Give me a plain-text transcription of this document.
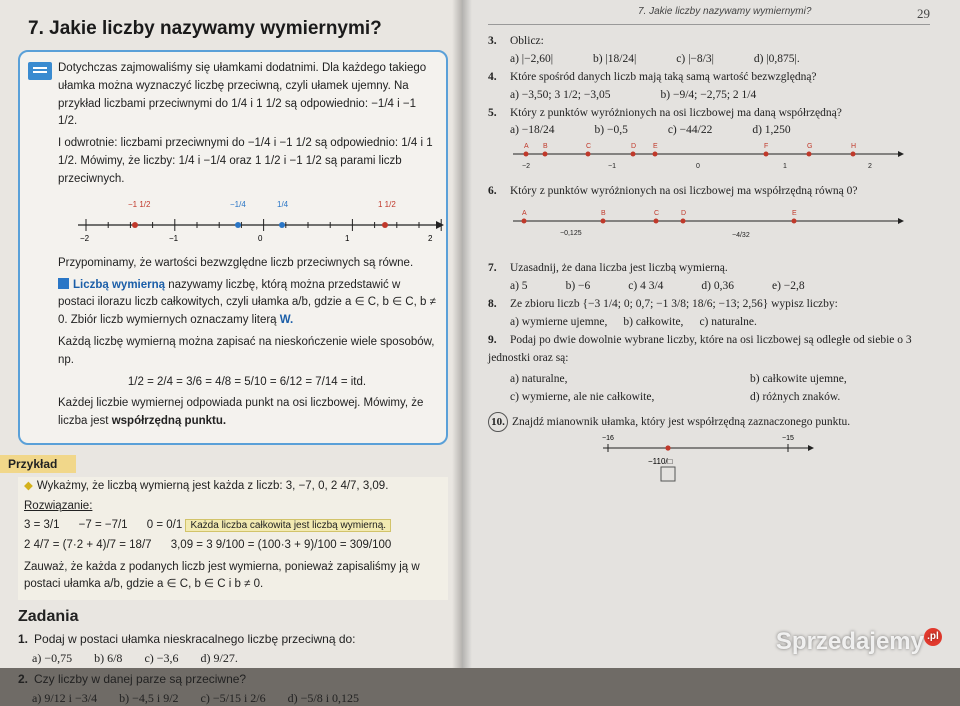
7. Jakie liczby nazywamy wymiernymi?

Dotychczas zajmowaliśmy się ułamkami dodatnimi. Dla każdego takiego ułamka można wyznaczyć liczbę przeciwną, czyli ułamek ujemny. Na przykład liczbami przeciwnymi do 1/4 i 1 1/2 są odpowiednio: −1/4 i −1 1/2.

I odwrotnie: liczbami przeciwnymi do −1/4 i −1 1/2 są odpowiednio: 1/4 i 1 1/2. Mówimy, że liczby: 1/4 i −1/4 oraz 1 1/2 i −1 1/2 są parami liczb przeciwnych.

−1 1/2	−1/4	1/4	1 1/2
−2	−1	0	1	2

Przypominamy, że wartości bezwzględne liczb przeciwnych są równe.

Liczbą wymierną nazywamy liczbę, którą można przedstawić w postaci ilorazu liczb całkowitych, czyli ułamka a/b, gdzie a ∈ C, b ∈ C, b ≠ 0. Zbiór liczb wymiernych oznaczamy literą W.

Każdą liczbę wymierną można zapisać na nieskończenie wiele sposobów, np.

1/2 = 2/4 = 3/6 = 4/8 = 5/10 = 6/12 = 7/14 = itd.

Każdej liczbie wymiernej odpowiada punkt na osi liczbowej. Mówimy, że liczba jest współrzędną punktu.

Przykład
◆ Wykażmy, że liczbą wymierną jest każda z liczb: 3, −7, 0, 2 4/7, 3,09.
Rozwiązanie:
3 = 3/1      −7 = −7/1      0 = 0/1 Każda liczba całkowita jest liczbą wymierną.
2 4/7 = (7·2 + 4)/7 = 18/7      3,09 = 3 9/100 = (100·3 + 9)/100 = 309/100
Zauważ, że każda z podanych liczb jest wymierna, ponieważ zapisaliśmy ją w postaci ułamka a/b, gdzie a ∈ C, b ∈ C i b ≠ 0.
Zadania
1. Podaj w postaci ułamka nieskracalnego liczbę przeciwną do:
a) −0,75 b) 6/8 c) −3,6 d) 9/27.
2. Czy liczby w danej parze są przeciwne?
a) 9/12 i −3/4 b) −4,5 i 9/2 c) −5/15 i 2/6 d) −5/8 i 0,125
7. Jakie liczby nazywamy wymiernymi?	29
3. Oblicz:
a) |−2,60|	b) |18/24|	c) |−8/3|	d) |0,875|.
4. Które spośród danych liczb mają taką samą wartość bezwzględną?
a) −3,50; 3 1/2; −3,05	b) −9/4; −2,75; 2 1/4
5. Który z punktów wyróżnionych na osi liczbowej ma daną współrzędną?
a) −18/24	b) −0,5	c) −44/22	d) 1,250
A B	C	D E	F	G	H
−2	−1	0	1	2
6. Który z punktów wyróżnionych na osi liczbowej ma współrzędną równą 0?
A	B	C	D	E
−0,125	−4/32
7. Uzasadnij, że dana liczba jest liczbą wymierną.
a) 5	b) −6	c) 4 3/4	d) 0,36	e) −2,8
8. Ze zbioru liczb {−3 1/4; 0; 0,7; −1 3/8; 18/6; −13; 2,56} wypisz liczby:
a) wymierne ujemne, b) całkowite, c) naturalne.
9. Podaj po dwie dowolnie wybrane liczby, które na osi liczbowej są odległe od siebie o 3 jednostki oraz są:
a) naturalne,	b) całkowite ujemne,
c) wymierne, ale nie całkowite,	d) różnych znaków.
10. Znajdź mianownik ułamka, który jest współrzędną zaznaczonego punktu.
−16	−15
−110/□
Sprzedajemy .pl
